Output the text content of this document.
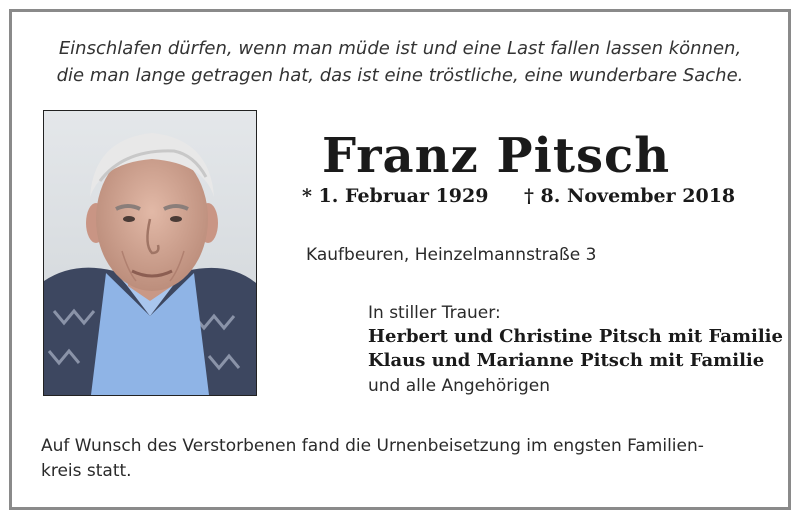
Einschlafen dürfen, wenn man müde ist und eine Last fallen lassen können,
die man lange getragen hat, das ist eine tröstliche, eine wunderbare Sache.
Franz Pitsch
* 1. Februar 1929 † 8. November 2018
Kaufbeuren, Heinzelmannstraße 3
In stiller Trauer:
Herbert und Christine Pitsch mit Familie
Klaus und Marianne Pitsch mit Familie
und alle Angehörigen
Auf Wunsch des Verstorbenen fand die Urnenbeisetzung im engsten Familien-
kreis statt.
